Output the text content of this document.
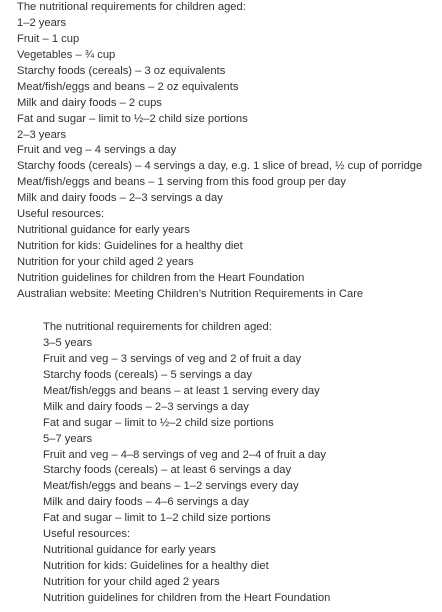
The nutritional requirements for children aged:
1–2 years
Fruit – 1 cup
Vegetables – ¾ cup
Starchy foods (cereals) – 3 oz equivalents
Meat/fish/eggs and beans – 2 oz equivalents
Milk and dairy foods – 2 cups
Fat and sugar – limit to ½–2 child size portions
2–3 years
Fruit and veg – 4 servings a day
Starchy foods (cereals) – 4 servings a day, e.g. 1 slice of bread, ½ cup of porridge
Meat/fish/eggs and beans – 1 serving from this food group per day
Milk and dairy foods – 2–3 servings a day
Useful resources:
Nutritional guidance for early years
Nutrition for kids: Guidelines for a healthy diet
Nutrition for your child aged 2 years
Nutrition guidelines for children from the Heart Foundation
Australian website: Meeting Children’s Nutrition Requirements in Care
The nutritional requirements for children aged:
3–5 years
Fruit and veg – 3 servings of veg and 2 of fruit a day
Starchy foods (cereals) – 5 servings a day
Meat/fish/eggs and beans – at least 1 serving every day
Milk and dairy foods – 2–3 servings a day
Fat and sugar – limit to ½–2 child size portions
5–7 years
Fruit and veg – 4–8 servings of veg and 2–4 of fruit a day
Starchy foods (cereals) – at least 6 servings a day
Meat/fish/eggs and beans – 1–2 servings every day
Milk and dairy foods – 4–6 servings a day
Fat and sugar – limit to 1–2 child size portions
Useful resources:
Nutritional guidance for early years
Nutrition for kids: Guidelines for a healthy diet
Nutrition for your child aged 2 years
Nutrition guidelines for children from the Heart Foundation
